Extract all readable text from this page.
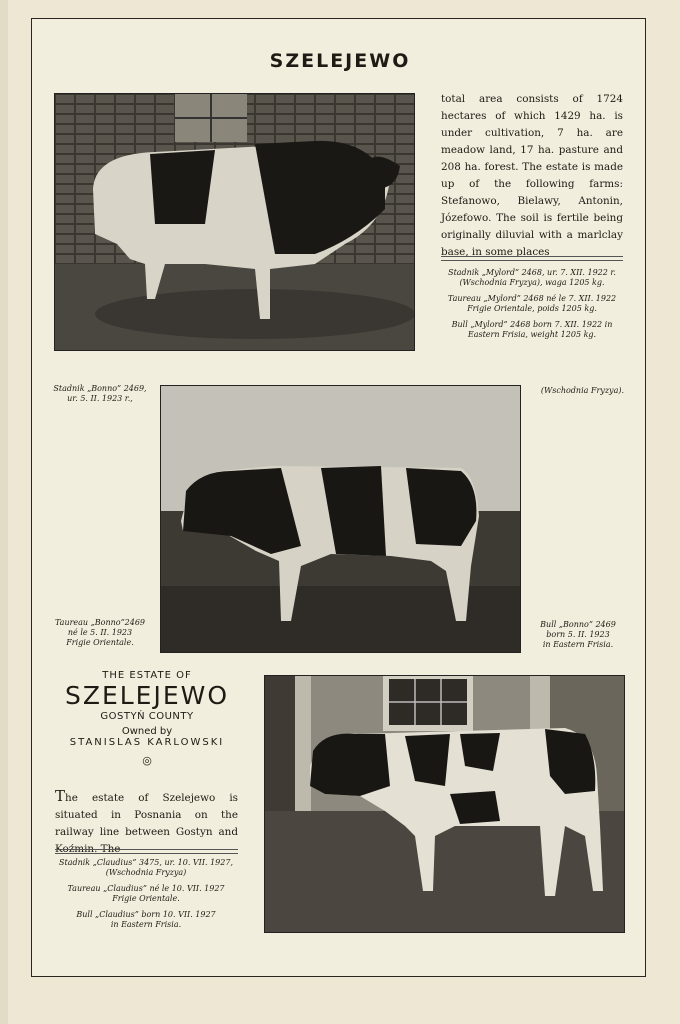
SZELEJEWO

total area consists of 1724 hectares of which 1429 ha. is under cultivation, 7 ha. are meadow land, 17 ha. pasture and 208 ha. forest. The estate is made up of the following farms: Stefanowo, Bielawy, Antonin, Józefowo. The soil is fertile being originally diluvial with a marlclay base, in some places

Stadnik „Mylord” 2468, ur. 7. XII. 1922 r.
(Wschodnia Fryzya), waga 1205 kg.
Taureau „Mylord” 2468 né le 7. XII. 1922
Frigie Orientale, poids 1205 kg.
Bull „Mylord” 2468 born 7. XII. 1922 in
Eastern Frisia, weight 1205 kg.
Stadnik „Bonno” 2469,
ur. 5. II. 1923 r.,
(Wschodnia Fryzya).
Taureau „Bonno”2469
né le 5. II. 1923
Frigie Orientale.
Bull „Bonno” 2469
born 5. II. 1923
in Eastern Frisia.
THE ESTATE OF
SZELEJEWO
GOSTYŃ COUNTY
Owned by
STANISLAS KARLOWSKI
◎

The estate of Szelejewo is situated in Posnania on the railway line between Gostyn and Koźmin. The

Stadnik „Claudius” 3475, ur. 10. VII. 1927,
(Wschodnia Fryzya)
Taureau „Claudius” né le 10. VII. 1927
Frigie Orientale.
Bull „Claudius” born 10. VII. 1927
in Eastern Frisia.
